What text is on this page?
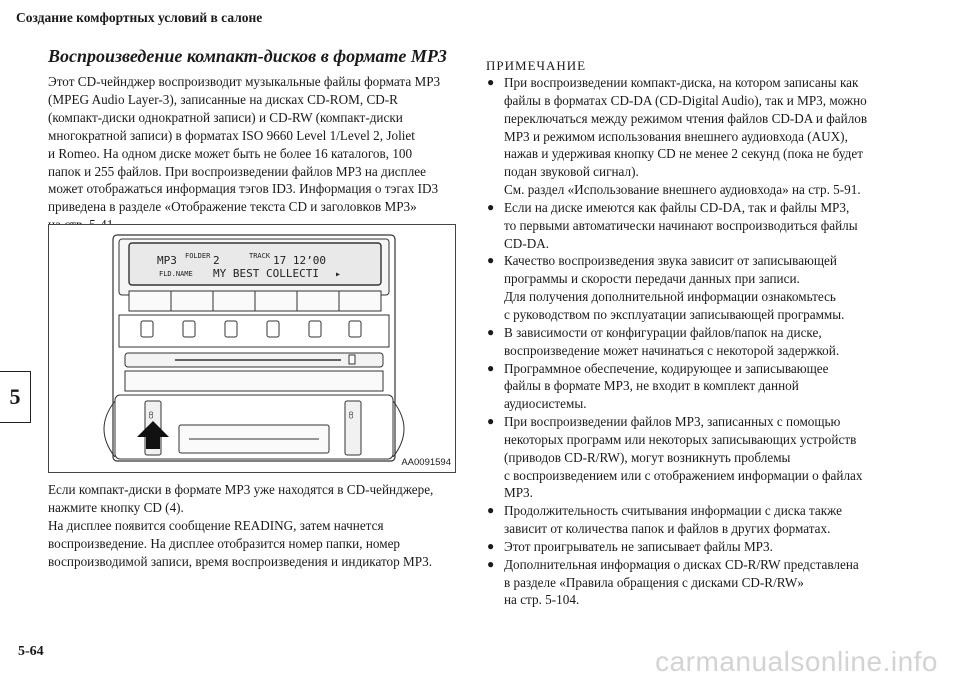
Создание комфортных условий в салоне
5
Воспроизведение компакт-дисков в формате MP3
Этот CD-чейнджер воспроизводит музыкальные файлы формата MP3
(MPEG Audio Layer-3), записанные на дисках CD-ROM, CD-R
(компакт-диски однократной записи) и CD-RW (компакт-диски
многократной записи) в форматах ISO 9660 Level 1/Level 2, Joliet
и Romeo. На одном диске может быть не более 16 каталогов, 100
папок и 255 файлов. При воспроизведении файлов MP3 на дисплее
может отображаться информация тэгов ID3. Информация о тэгах ID3
приведена в разделе «Отображение текста CD и заголовков MP3»
MP3 FOLDER 2	TRACK 17 12’00
FLD.NAME MY BEST COLLECTI ▸
CD	CD
AA0091594
Если компакт-диски в формате MP3 уже находятся в CD-чейнджере,
нажмите кнопку CD (4).
На дисплее появится сообщение READING, затем начнется
воспроизведение. На дисплее отобразится номер папки, номер
воспроизводимой записи, время воспроизведения и индикатор MP3.
ПРИМЕЧАНИЕ
● При воспроизведении компакт-диска, на котором записаны как
файлы в форматах CD-DA (CD-Digital Audio), так и MP3, можно
переключаться между режимом чтения файлов CD-DA и файлов
MP3 и режимом использования внешнего аудиовхода (AUX),
нажав и удерживая кнопку CD не менее 2 секунд (пока не будет
подан звуковой сигнал).
См. раздел «Использование внешнего аудиовхода» на стр. 5-91.
● Если на диске имеются как файлы CD-DA, так и файлы MP3,
то первыми автоматически начинают воспроизводиться файлы
CD-DA.
● Качество воспроизведения звука зависит от записывающей
программы и скорости передачи данных при записи.
Для получения дополнительной информации ознакомьтесь
с руководством по эксплуатации записывающей программы.
● В зависимости от конфигурации файлов/папок на диске,
воспроизведение может начинаться с некоторой задержкой.
● Программное обеспечение, кодирующее и записывающее
файлы в формате MP3, не входит в комплект данной
аудиосистемы.
● При воспроизведении файлов MP3, записанных с помощью
некоторых программ или некоторых записывающих устройств
(приводов CD-R/RW), могут возникнуть проблемы
с воспроизведением или с отображением информации о файлах
MP3.
● Продолжительность считывания информации с диска также
зависит от количества папок и файлов в других форматах.
● Этот проигрыватель не записывает файлы MP3.
● Дополнительная информация о дисках CD-R/RW представлена
в разделе «Правила обращения с дисками CD-R/RW»
на стр. 5-104.
5-64	carmanualsonline.info
